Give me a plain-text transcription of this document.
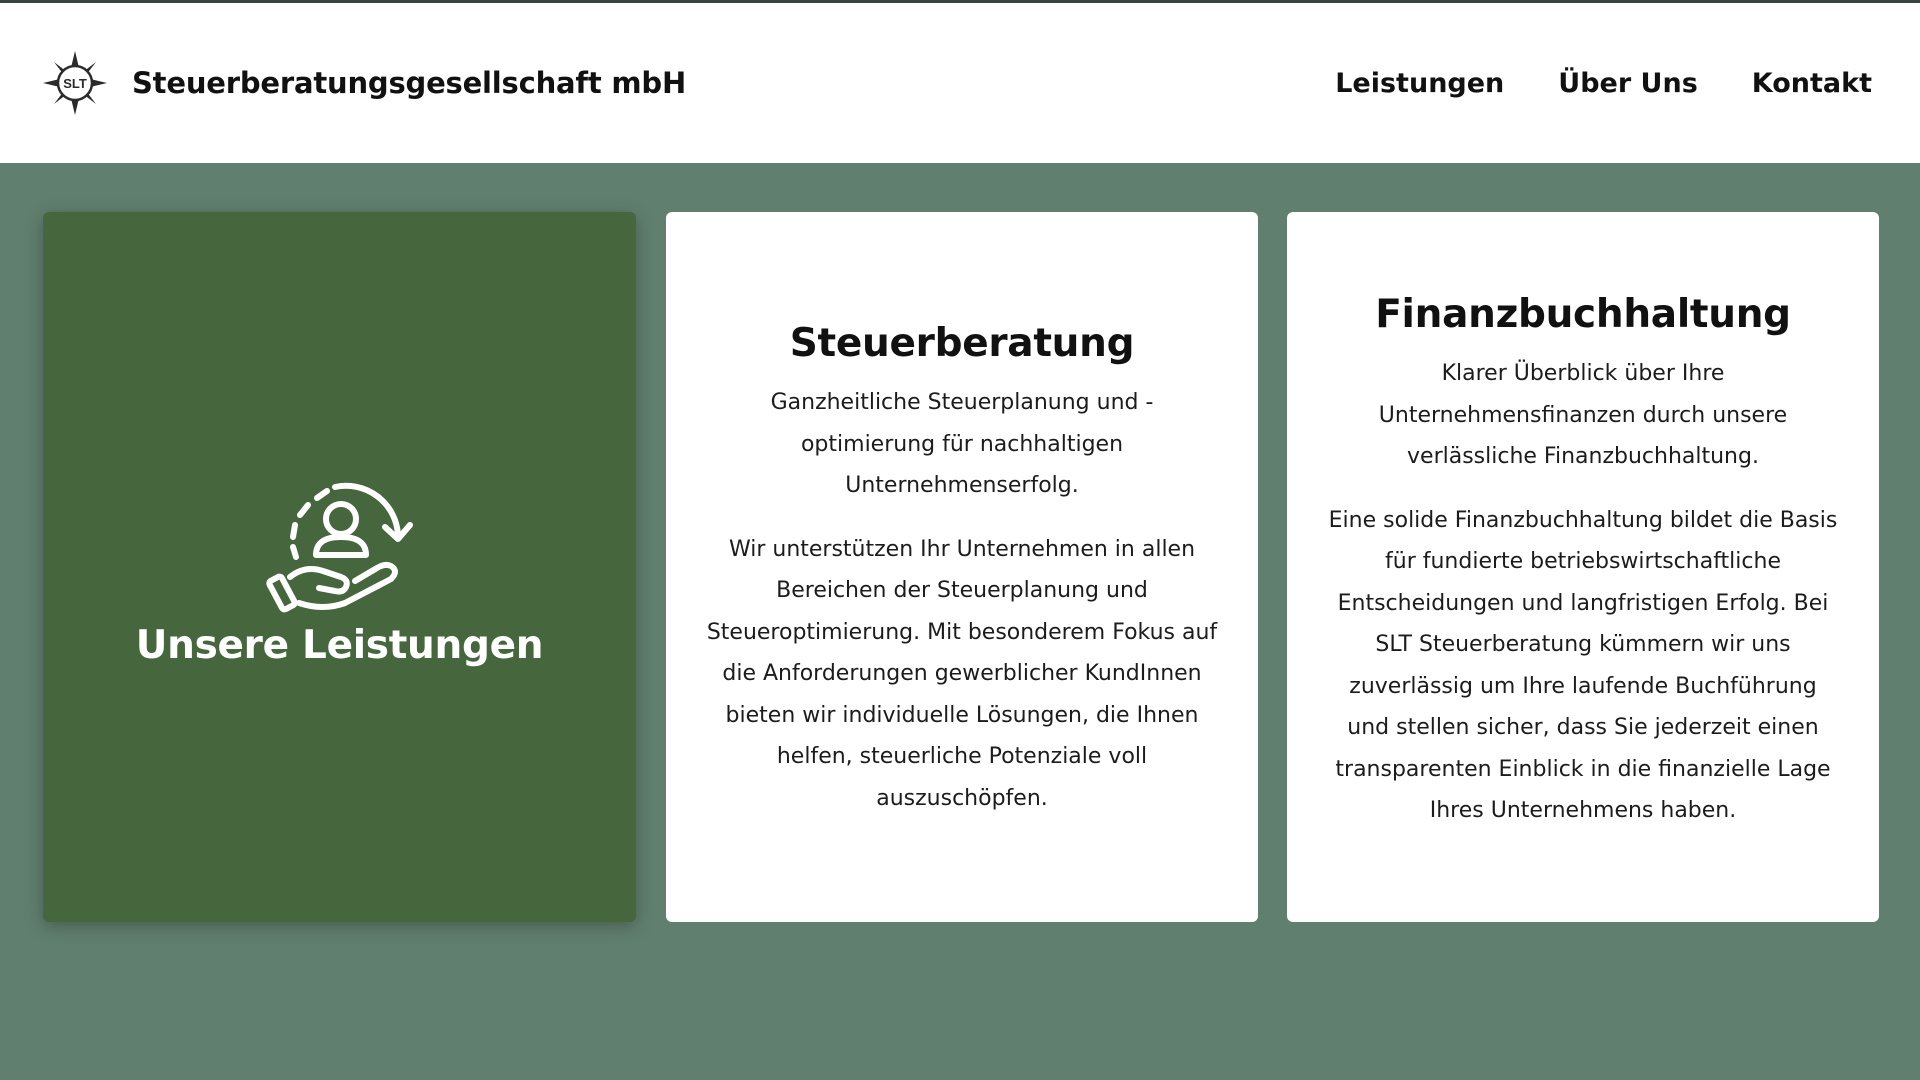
SLT Steuerberatungsgesellschaft mbH	Leistungen Über Uns Kontakt
Unsere Leistungen
Steuerberatung

Ganzheitliche Steuerplanung und -optimierung für nachhaltigen Unternehmenserfolg.

Wir unterstützen Ihr Unternehmen in allen Bereichen der Steuerplanung und Steueroptimierung. Mit besonderem Fokus auf die Anforderungen gewerblicher KundInnen bieten wir individuelle Lösungen, die Ihnen helfen, steuerliche Potenziale voll auszuschöpfen.

Finanzbuchhaltung

Klarer Überblick über Ihre Unternehmensfinanzen durch unsere verlässliche Finanzbuchhaltung.

Eine solide Finanzbuchhaltung bildet die Basis für fundierte betriebswirtschaftliche Entscheidungen und langfristigen Erfolg. Bei SLT Steuerberatung kümmern wir uns zuverlässig um Ihre laufende Buchführung und stellen sicher, dass Sie jederzeit einen transparenten Einblick in die finanzielle Lage Ihres Unternehmens haben.
